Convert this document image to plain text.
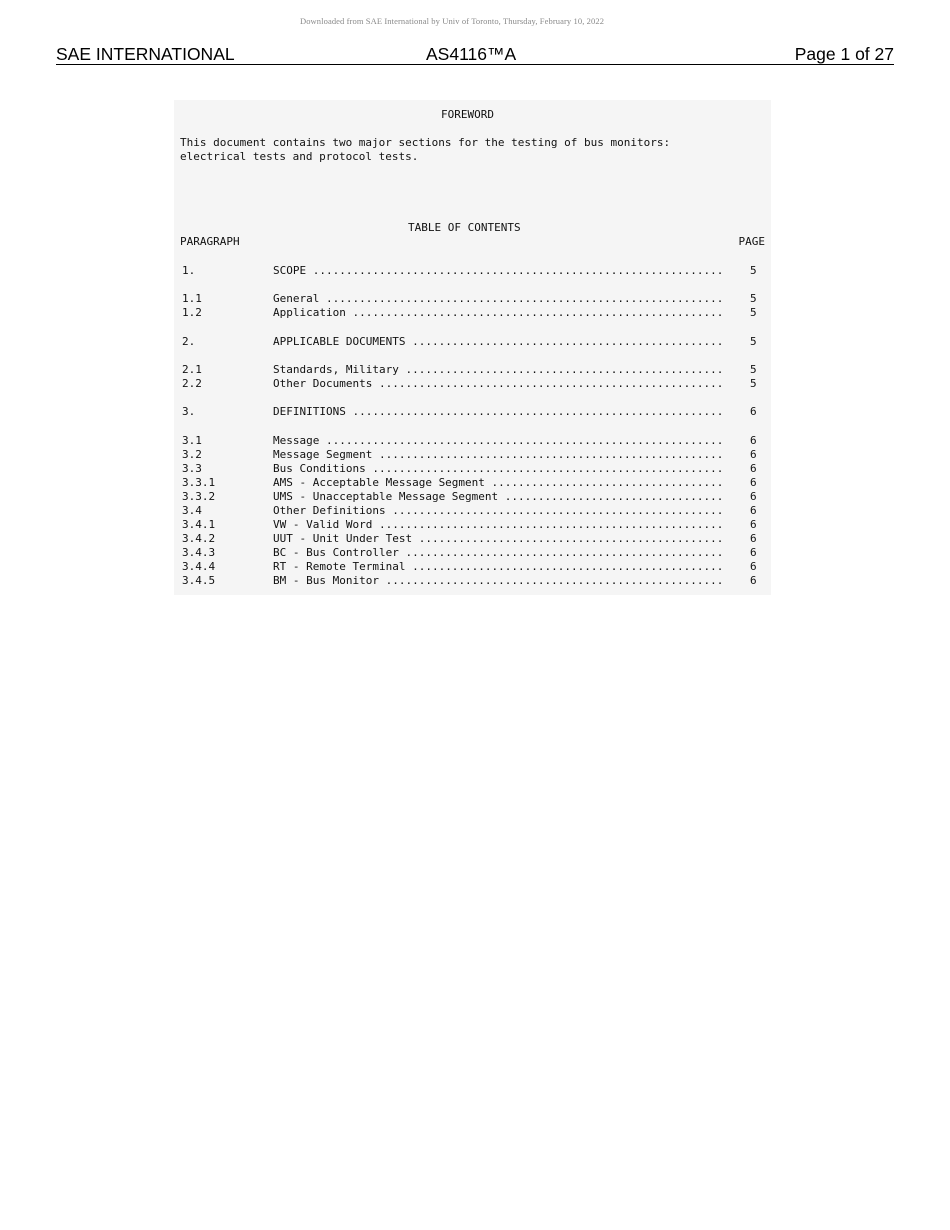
Downloaded from SAE International by Univ of Toronto, Thursday, February 10, 2022
SAE INTERNATIONAL	AS4116™A	Page 1 of 27
FOREWORD
This document contains two major sections for the testing of bus monitors:
electrical tests and protocol tests.
TABLE OF CONTENTS
PARAGRAPH	PAGE
1.	SCOPE .....	5
1.1	General .....	5
1.2	Application .....	5
2.	APPLICABLE DOCUMENTS .....	5
2.1	Standards, Military .....	5
2.2	Other Documents .....	5
3.	DEFINITIONS .....	6
3.1	Message .....	6
3.2	Message Segment .....	6
3.3	Bus Conditions .....	6
3.3.1	AMS - Acceptable Message Segment .....	6
3.3.2	UMS - Unacceptable Message Segment .....	6
3.4	Other Definitions .....	6
3.4.1	VW - Valid Word .....	6
3.4.2	UUT - Unit Under Test .....	6
3.4.3	BC - Bus Controller .....	6
3.4.4	RT - Remote Terminal .....	6
3.4.5	BM - Bus Monitor .....	6
